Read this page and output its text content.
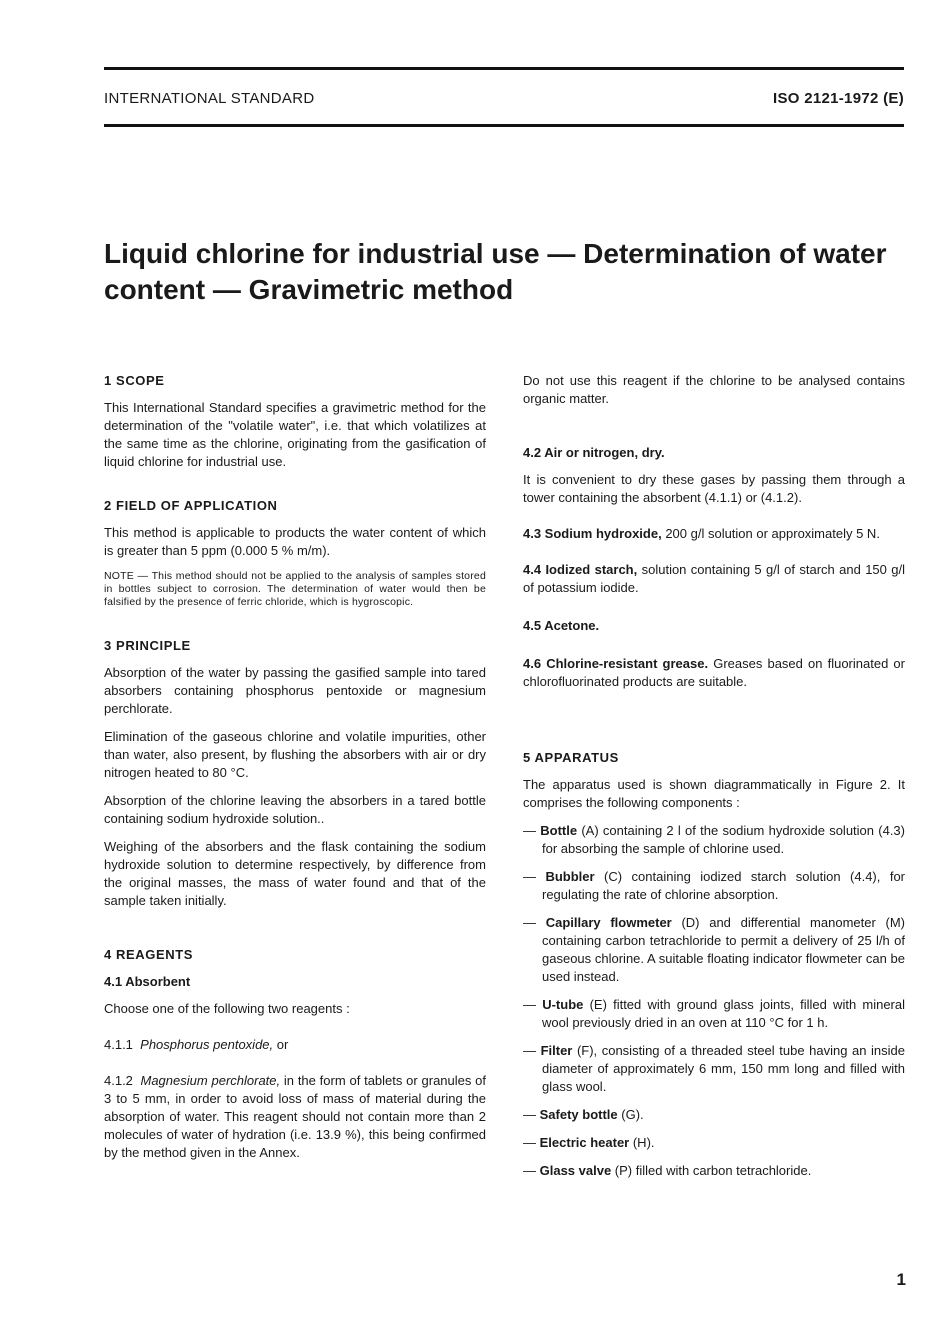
INTERNATIONAL STANDARD	ISO 2121-1972 (E)
Liquid chlorine for industrial use — Determination of water content — Gravimetric method
1 SCOPE

This International Standard specifies a gravimetric method for the determination of the "volatile water", i.e. that which volatilizes at the same time as the chlorine, originating from the gasification of liquid chlorine for industrial use.

2 FIELD OF APPLICATION

This method is applicable to products the water content of which is greater than 5 ppm (0.000 5 % m/m).

NOTE — This method should not be applied to the analysis of samples stored in bottles subject to corrosion. The determination of water would then be falsified by the presence of ferric chloride, which is hygroscopic.

3 PRINCIPLE

Absorption of the water by passing the gasified sample into tared absorbers containing phosphorus pentoxide or magnesium perchlorate.

Elimination of the gaseous chlorine and volatile impurities, other than water, also present, by flushing the absorbers with air or dry nitrogen heated to 80 °C.

Absorption of the chlorine leaving the absorbers in a tared bottle containing sodium hydroxide solution..

Weighing of the absorbers and the flask containing the sodium hydroxide solution to determine respectively, by difference from the original masses, the mass of water found and that of the sample taken initially.

4 REAGENTS
4.1 Absorbent

Choose one of the following two reagents :

4.1.1 Phosphorus pentoxide, or

4.1.2 Magnesium perchlorate, in the form of tablets or granules of 3 to 5 mm, in order to avoid loss of mass of material during the absorption of water. This reagent should not contain more than 2 molecules of water of hydration (i.e. 13.9 %), this being confirmed by the method given in the Annex.

Do not use this reagent if the chlorine to be analysed contains organic matter.

4.2 Air or nitrogen, dry.

It is convenient to dry these gases by passing them through a tower containing the absorbent (4.1.1) or (4.1.2).

4.3 Sodium hydroxide, 200 g/l solution or approximately 5 N.

4.4 Iodized starch, solution containing 5 g/l of starch and 150 g/l of potassium iodide.

4.5 Acetone.

4.6 Chlorine-resistant grease. Greases based on fluorinated or chlorofluorinated products are suitable.

5 APPARATUS

The apparatus used is shown diagrammatically in Figure 2. It comprises the following components :

— Bottle (A) containing 2 l of the sodium hydroxide solution (4.3) for absorbing the sample of chlorine used.

— Bubbler (C) containing iodized starch solution (4.4), for regulating the rate of chlorine absorption.

— Capillary flowmeter (D) and differential manometer (M) containing carbon tetrachloride to permit a delivery of 25 l/h of gaseous chlorine. A suitable floating indicator flowmeter can be used instead.

— U-tube (E) fitted with ground glass joints, filled with mineral wool previously dried in an oven at 110 °C for 1 h.

— Filter (F), consisting of a threaded steel tube having an inside diameter of approximately 6 mm, 150 mm long and filled with glass wool.

— Safety bottle (G).

— Electric heater (H).

— Glass valve (P) filled with carbon tetrachloride.

1
